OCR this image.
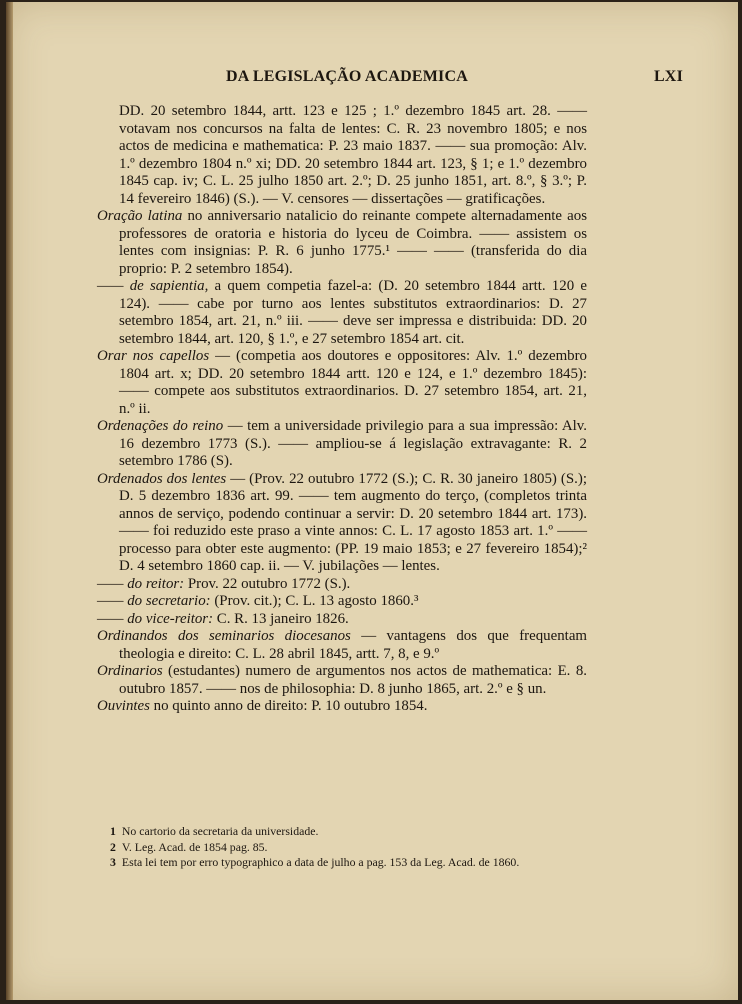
DA LEGISLAÇÃO ACADEMICA	LXI

DD. 20 setembro 1844, artt. 123 e 125 ; 1.º dezembro 1845 art. 28. —— votavam nos concursos na falta de lentes: C. R. 23 novembro 1805; e nos actos de medicina e mathematica: P. 23 maio 1837. —— sua promoção: Alv. 1.º dezembro 1804 n.º xi; DD. 20 setembro 1844 art. 123, § 1; e 1.º dezembro 1845 cap. iv; C. L. 25 julho 1850 art. 2.º; D. 25 junho 1851, art. 8.º, § 3.º; P. 14 fevereiro 1846) (S.). — V. censores — dissertações — gratificações.

Oração latina no anniversario natalicio do reinante compete alternadamente aos professores de oratoria e historia do lyceu de Coimbra. —— assistem os lentes com insignias: P. R. 6 junho 1775.¹ —— —— (transferida do dia proprio: P. 2 setembro 1854).

—— de sapientia, a quem competia fazel-a: (D. 20 setembro 1844 artt. 120 e 124). —— cabe por turno aos lentes substitutos extraordinarios: D. 27 setembro 1854, art. 21, n.º iii. —— deve ser impressa e distribuida: DD. 20 setembro 1844, art. 120, § 1.º, e 27 setembro 1854 art. cit.

Orar nos capellos — (competia aos doutores e oppositores: Alv. 1.º dezembro 1804 art. x; DD. 20 setembro 1844 artt. 120 e 124, e 1.º dezembro 1845): —— compete aos substitutos extraordinarios. D. 27 setembro 1854, art. 21, n.º ii.

Ordenações do reino — tem a universidade privilegio para a sua impressão: Alv. 16 dezembro 1773 (S.). —— ampliou-se á legislação extravagante: R. 2 setembro 1786 (S).

Ordenados dos lentes — (Prov. 22 outubro 1772 (S.); C. R. 30 janeiro 1805) (S.); D. 5 dezembro 1836 art. 99. —— tem augmento do terço, (completos trinta annos de serviço, podendo continuar a servir: D. 20 setembro 1844 art. 173). —— foi reduzido este praso a vinte annos: C. L. 17 agosto 1853 art. 1.º —— processo para obter este augmento: (PP. 19 maio 1853; e 27 fevereiro 1854);² D. 4 setembro 1860 cap. ii. — V. jubilações — lentes.

—— do reitor: Prov. 22 outubro 1772 (S.).

—— do secretario: (Prov. cit.); C. L. 13 agosto 1860.³

—— do vice-reitor: C. R. 13 janeiro 1826.

Ordinandos dos seminarios diocesanos — vantagens dos que frequentam theologia e direito: C. L. 28 abril 1845, artt. 7, 8, e 9.º

Ordinarios (estudantes) numero de argumentos nos actos de mathematica: E. 8. outubro 1857. —— nos de philosophia: D. 8 junho 1865, art. 2.º e § un.

Ouvintes no quinto anno de direito: P. 10 outubro 1854.

1 No cartorio da secretaria da universidade.

2 V. Leg. Acad. de 1854 pag. 85.

3 Esta lei tem por erro typographico a data de julho a pag. 153 da Leg. Acad. de 1860.
